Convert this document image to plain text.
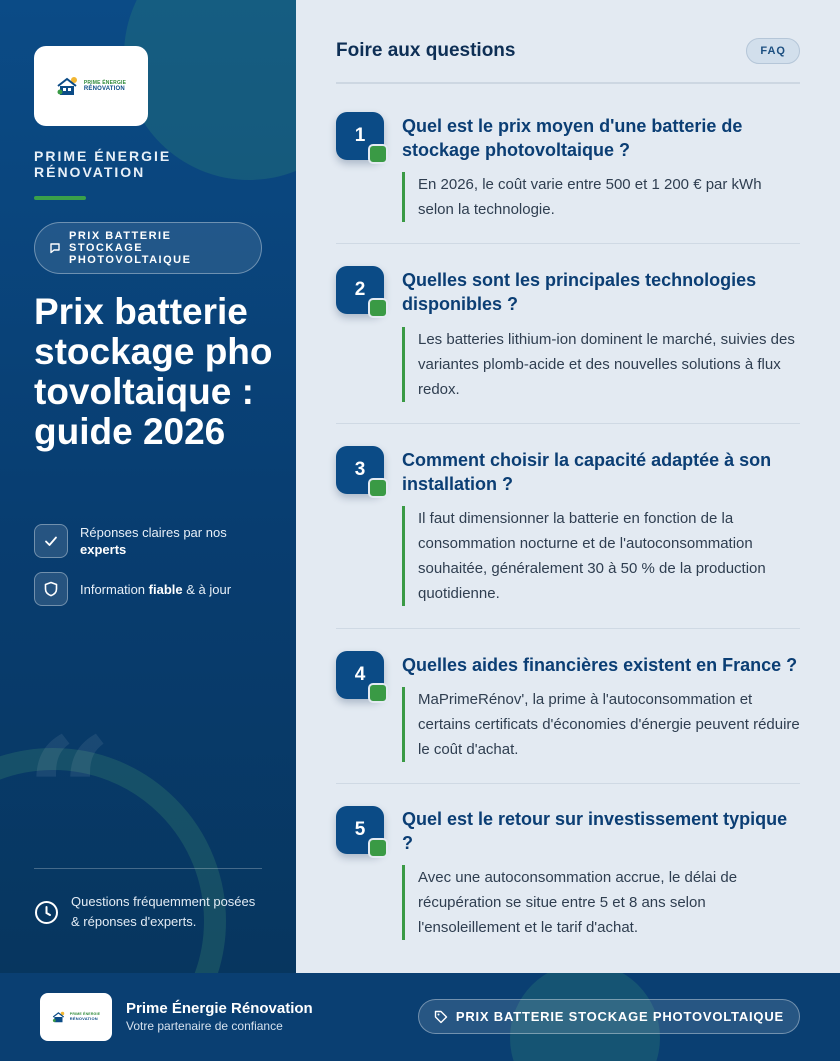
“
PRIME ÉNERGIE
RÉNOVATION
PRIME ÉNERGIE RÉNOVATION
PRIX BATTERIE STOCKAGE PHOTOVOLTAIQUE
Prix batterie stockage photovoltaique : guide 2026
Réponses claires par nos experts
Information fiable & à jour
Questions fréquemment posées & réponses d'experts.
Foire aux questions	FAQ
1 Quel est le prix moyen d'une batterie de stockage photovoltaique ?

En 2026, le coût varie entre 500 et 1 200 € par kWh selon la technologie.

2 Quelles sont les principales technologies disponibles ?

Les batteries lithium-ion dominent le marché, suivies des variantes plomb-acide et des nouvelles solutions à flux redox.

3 Comment choisir la capacité adaptée à son installation ?

Il faut dimensionner la batterie en fonction de la consommation nocturne et de l'autoconsommation souhaitée, généralement 30 à 50 % de la production quotidienne.

4 Quelles aides financières existent en France ?

MaPrimeRénov', la prime à l'autoconsommation et certains certificats d'économies d'énergie peuvent réduire le coût d'achat.

5 Quel est le retour sur investissement typique ?

Avec une autoconsommation accrue, le délai de récupération se situe entre 5 et 8 ans selon l'ensoleillement et le tarif d'achat.

PRIME ÉNERGIE
RÉNOVATION
Prime Énergie Rénovation
Votre partenaire de confiance
PRIX BATTERIE STOCKAGE PHOTOVOLTAIQUE
